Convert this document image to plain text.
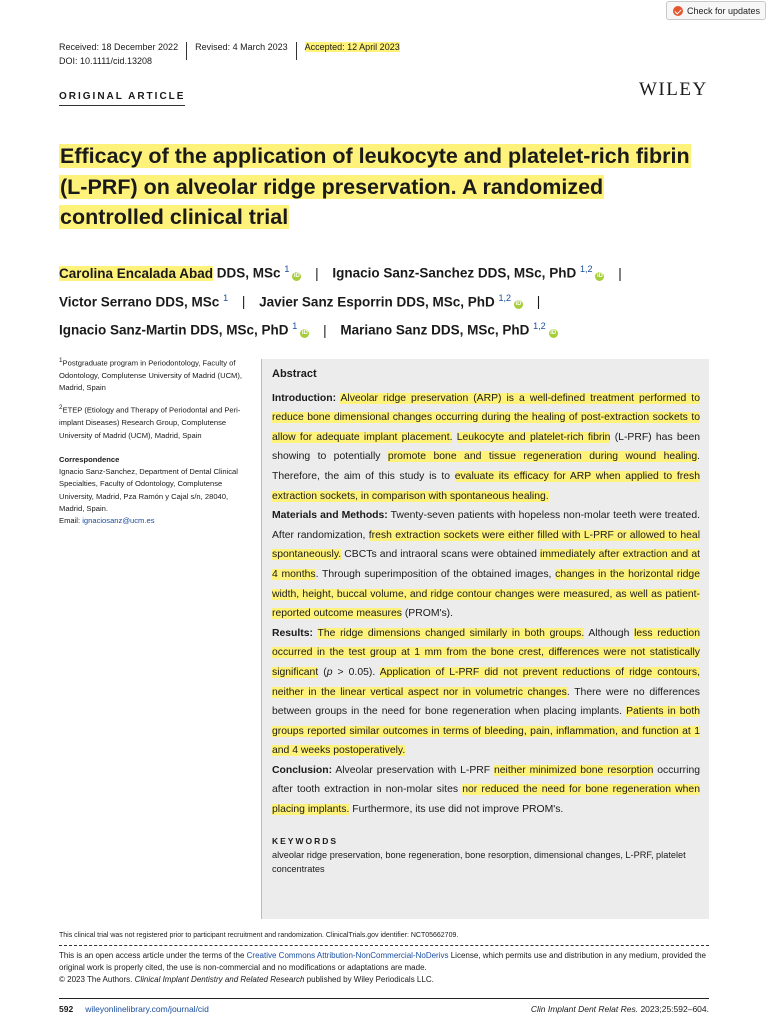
Check for updates
Received: 18 December 2022 Revised: 4 March 2023 Accepted: 12 April 2023
DOI: 10.1111/cid.13208
ORIGINAL ARTICLE	WILEY
Efficacy of the application of leukocyte and platelet-rich fibrin
(L-PRF) on alveolar ridge preservation. A randomized
controlled clinical trial
Carolina Encalada Abad DDS, MSc $^1$iD | Ignacio Sanz-Sanchez DDS, MSc, PhD $^{1,2}$iD |
Victor Serrano DDS, MSc $^1$ | Javier Sanz Esporrin DDS, MSc, PhD $^{1,2}$iD |
Ignacio Sanz-Martin DDS, MSc, PhD $^1$iD | Mariano Sanz DDS, MSc, PhD $^{1,2}$iD

$^1$Postgraduate program in Periodontology, Faculty of Odontology, Complutense University of Madrid (UCM), Madrid, Spain

$^2$ETEP (Etiology and Therapy of Periodontal and Peri-implant Diseases) Research Group, Complutense University of Madrid (UCM), Madrid, Spain

Correspondence

Ignacio Sanz-Sanchez, Department of Dental Clinical Specialties, Faculty of Odontology, Complutense University, Madrid, Pza Ramón y Cajal s/n, 28040, Madrid, Spain.
Email: ignaciosanz@ucm.es

Abstract

Introduction: Alveolar ridge preservation (ARP) is a well-defined treatment performed to reduce bone dimensional changes occurring during the healing of post-extraction sockets to allow for adequate implant placement. Leukocyte and platelet-rich fibrin (L-PRF) has been showing to potentially promote bone and tissue regeneration during wound healing. Therefore, the aim of this study is to evaluate its efficacy for ARP when applied to fresh extraction sockets, in comparison with spontaneous healing.

Materials and Methods: Twenty-seven patients with hopeless non-molar teeth were treated. After randomization, fresh extraction sockets were either filled with L-PRF or allowed to heal spontaneously. CBCTs and intraoral scans were obtained immediately after extraction and at 4 months. Through superimposition of the obtained images, changes in the horizontal ridge width, height, buccal volume, and ridge contour changes were measured, as well as patient-reported outcome measures (PROM's).

Results: The ridge dimensions changed similarly in both groups. Although less reduction occurred in the test group at 1 mm from the bone crest, differences were not statistically significant (p > 0.05). Application of L-PRF did not prevent reductions of ridge contours, neither in the linear vertical aspect nor in volumetric changes. There were no differences between groups in the need for bone regeneration when placing implants. Patients in both groups reported similar outcomes in terms of bleeding, pain, inflammation, and function at 1 and 4 weeks postoperatively.

Conclusion: Alveolar preservation with L-PRF neither minimized bone resorption occurring after tooth extraction in non-molar sites nor reduced the need for bone regeneration when placing implants. Furthermore, its use did not improve PROM's.

KEYWORDS
alveolar ridge preservation, bone regeneration, bone resorption, dimensional changes, L-PRF, platelet concentrates
This clinical trial was not registered prior to participant recruitment and randomization. ClinicalTrials.gov identifier: NCT05662709.
This is an open access article under the terms of the Creative Commons Attribution-NonCommercial-NoDerivs License, which permits use and distribution in any medium, provided the original work is properly cited, the use is non-commercial and no modifications or adaptations are made.
© 2023 The Authors. Clinical Implant Dentistry and Related Research published by Wiley Periodicals LLC.
592 wileyonlinelibrary.com/journal/cid	Clin Implant Dent Relat Res. 2023;25:592–604.
